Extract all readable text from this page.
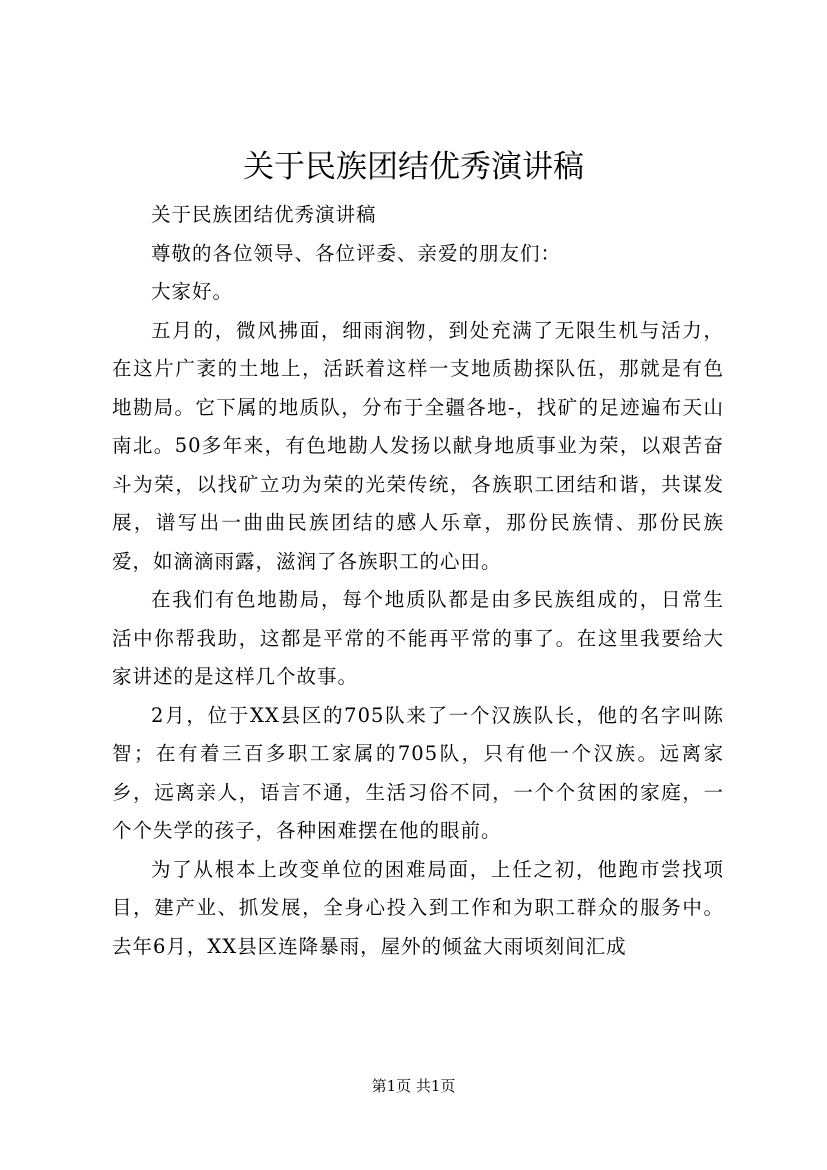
关于民族团结优秀演讲稿

关于民族团结优秀演讲稿

尊敬的各位领导、各位评委、亲爱的朋友们：

大家好。

五月的，微风拂面，细雨润物，到处充满了无限生机与活力，在这片广袤的土地上，活跃着这样一支地质勘探队伍，那就是有色地勘局。它下属的地质队，分布于全疆各地-，找矿的足迹遍布天山南北。50多年来，有色地勘人发扬以献身地质事业为荣，以艰苦奋斗为荣，以找矿立功为荣的光荣传统，各族职工团结和谐，共谋发展，谱写出一曲曲民族团结的感人乐章，那份民族情、那份民族爱，如滴滴雨露，滋润了各族职工的心田。

在我们有色地勘局，每个地质队都是由多民族组成的，日常生活中你帮我助，这都是平常的不能再平常的事了。在这里我要给大家讲述的是这样几个故事。

2月，位于XX县区的705队来了一个汉族队长，他的名字叫陈智；在有着三百多职工家属的705队，只有他一个汉族。远离家乡，远离亲人，语言不通，生活习俗不同，一个个贫困的家庭，一个个失学的孩子，各种困难摆在他的眼前。

为了从根本上改变单位的困难局面，上任之初，他跑市尝找项目，建产业、抓发展，全身心投入到工作和为职工群众的服务中。去年6月，XX县区连降暴雨，屋外的倾盆大雨顷刻间汇成

第1页 共1页
